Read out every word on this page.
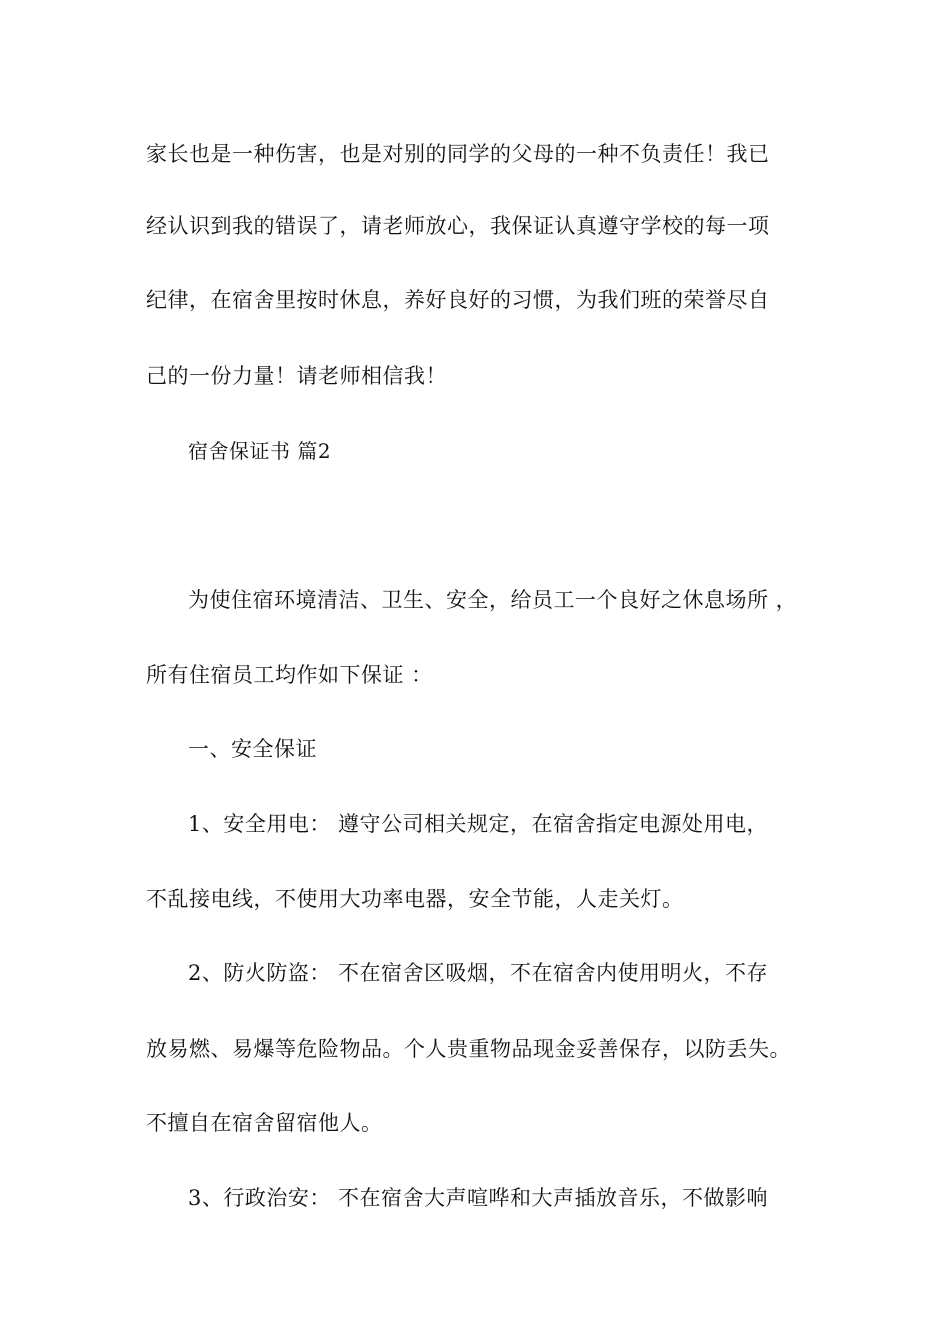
家长也是一种伤害，也是对别的同学的父母的一种不负责任！我已
经认识到我的错误了，请老师放心，我保证认真遵守学校的每一项
纪律，在宿舍里按时休息，养好良好的习惯，为我们班的荣誉尽自
己的一份力量！请老师相信我！
宿舍保证书 篇2
为使住宿环境清洁、卫生、安全，给员工一个良好之休息场所 ，
所有住宿员工均作如下保证 ：
一、安全保证
1、安全用电： 遵守公司相关规定，在宿舍指定电源处用电，
不乱接电线，不使用大功率电器，安全节能，人走关灯。
2、防火防盗： 不在宿舍区吸烟，不在宿舍内使用明火，不存
放易燃、易爆等危险物品。个人贵重物品现金妥善保存，以防丢失。
不擅自在宿舍留宿他人。
3、行政治安： 不在宿舍大声喧哗和大声插放音乐，不做影响
